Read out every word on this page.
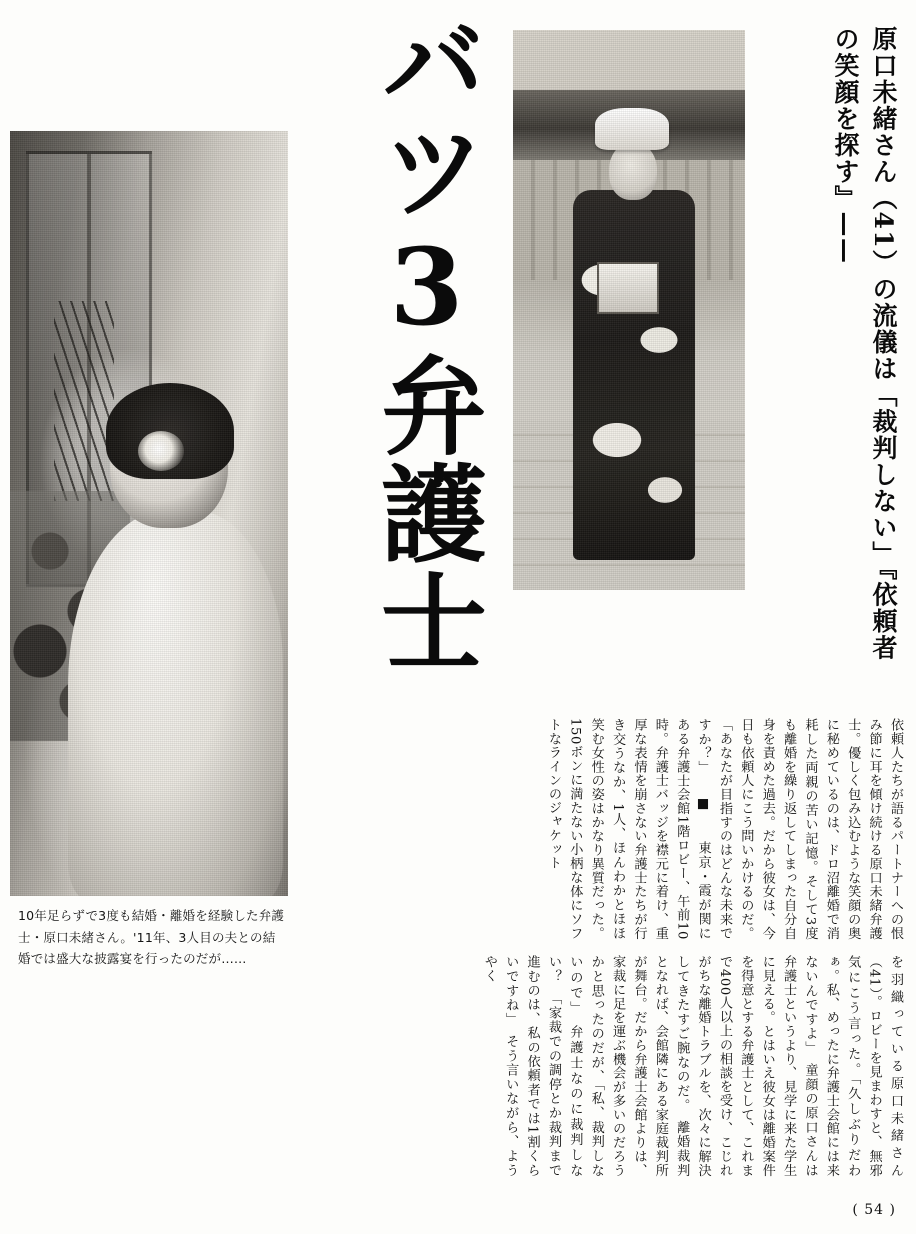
10年足らずで3度も結婚・離婚を経験した弁護士・原口未緒さん。'11年、3人目の夫との結婚では盛大な披露宴を行ったのだが……
バツ3弁護士	原口未緒さん（41）の流儀は「裁判しない」『依頼者の笑顔を探す』——
依頼人たちが語るパートナーへの恨み節に耳を傾け続ける原口未緒弁護士。優しく包み込むような笑顔の奥に秘めているのは、ドロ沼離婚で消耗した両親の苦い記憶。そして3度も離婚を繰り返してしまった自分自身を責めた過去。だから彼女は、今日も依頼人にこう問いかけるのだ。「あなたが目指すのはどんな未来ですか？」　　■　　東京・霞が関にある弁護士会館1階ロビー、午前10時。弁護士バッジを襟元に着け、重厚な表情を崩さない弁護士たちが行き交うなか、1人、ほんわかとほほ笑む女性の姿はかなり異質だった。150ボンに満たない小柄な体にソフトなラインのジャケット
を羽織っている原口未緒さん（41）。ロビーを見まわすと、無邪気にこう言った。「久しぶりだわぁ。私、めったに弁護士会館には来ないんですよ」　童顔の原口さんは弁護士というより、見学に来た学生に見える。とはいえ彼女は離婚案件を得意とする弁護士として、これまで400人以上の相談を受け、こじれがちな離婚トラブルを、次々に解決してきたすご腕なのだ。　離婚裁判となれば、会館隣にある家庭裁判所が舞台。だから弁護士会館よりは、家裁に足を運ぶ機会が多いのだろうかと思ったのだが、「私、裁判しないので」　弁護士なのに裁判しない？　「家裁での調停とか裁判まで進むのは、私の依頼者では1割くらいですね」　そう言いながら、ようやく
( 54 )
